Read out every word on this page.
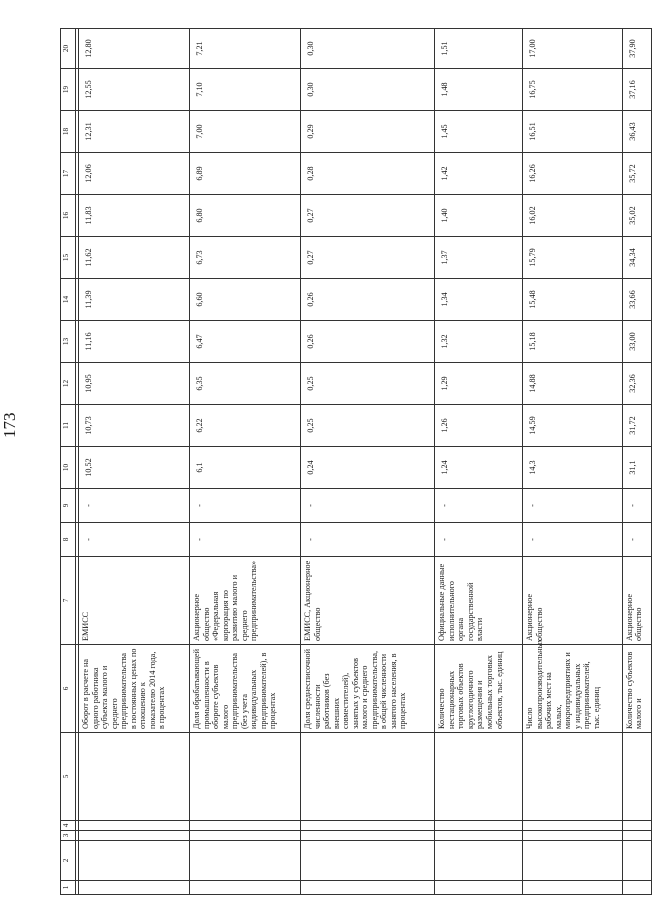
173
1	2	3	4	5	6	7	8	9	10	11	12	13	14	15	16	17	18	19	20

					Оборот в расчете на одного работника субъекта малого и среднего предпринимательства в постоянных ценах по отношению к показателю 2014 года, в процентах	ЕМИСС	-	-	10,52	10,73	10,95	11,16	11,39	11,62	11,83	12,06	12,31	12,55	12,80
					Доля обрабатывающей промышленности в обороте субъектов малого предпринимательства (без учета индивидуальных предпринимателей), в процентах	Акционерное общество «Федеральная корпорация по развитию малого и среднего предпринимательства»	-	-	6,1	6,22	6,35	6,47	6,60	6,73	6,80	6,89	7,00	7,10	7,21
					Доля среднесписочной численности работников (без внешних совместителей), занятых у субъектов малого и среднего предпринимательства, в общей численности занятого населения, в процентах	ЕМИСС, Акционерное общество	-	-	0,24	0,25	0,25	0,26	0,26	0,27	0,27	0,28	0,29	0,30	0,30
					Количество нестационарных торговых объектов круглогодичного размещения и мобильных торговых объектов, тыс. единиц	Официальные данные исполнительного органа государственной власти	-	-	1,24	1,26	1,29	1,32	1,34	1,37	1,40	1,42	1,45	1,48	1,51
					Число высокопроизводительных рабочих мест на малых, микропредприятиях и у индивидуальных предпринимателей, тыс. единиц	Акционерное общество	-	-	14,3	14,59	14,88	15,18	15,48	15,79	16,02	16,26	16,51	16,75	17,00
					Количество субъектов малого и	Акционерное общество	-	-	31,1	31,72	32,36	33,00	33,66	34,34	35,02	35,72	36,43	37,16	37,90
